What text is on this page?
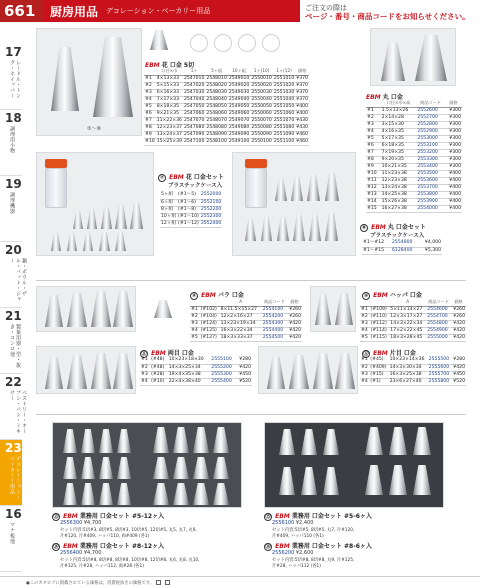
661	厨房用品 デコレーション・ベーカリー用品	ご注文の際は
ページ・番号・商品コードをお知らせください。
17
レードル・トング・ホイッパー
18
調理用小物
19
調理機器
20
鍋・ボウル・ザル・バット・ジャー
21
製菓用器・型・抜き・コンロ他
22
ペストリー・オーブン・パン・ミキサー
23
デコレーション・ベーカリー用品
16
マナ板他
①〜⑨
EBM 花 口金 5切
	口径×巾	1ヶ	5ヶ組	10ヶ組	1ヶ(10)	1ヶ(12)	価格
#1	4×13×33	2547010	2548010	2549010	2550010	2551010	¥370
#2	5×15×33	2547020	2548020	2549020	2550020	2551020	¥370
#3	6×16×33	2547030	2548030	2549030	2550030	2551030	¥370
#4	7×17×33	2547040	2548040	2549040	2550040	2551040	¥370
#5	8×18×35	2547050	2548050	2549050	2550050	2551050	¥400
#6	9×21×35	2547060	2548060	2549060	2550060	2551060	¥400
#7	11×22×36	2547070	2548070	2549070	2550070	2551070	¥430
#8	12×23×37	2547080	2548080	2549080	2550080	2551080	¥430
#9	13×24×37	2547090	2548090	2549090	2550090	2551090	¥460
#10	15×25×39	2547100	2548100	2549100	2550100	2551100	¥460
EBM 丸 口金
	口径×巾×高	商品コード	価格
#1	1.5×13×26	2552600	¥300
#2	2×14×28	2552700	¥300
#3	3×15×30	2552800	¥300
#4	4×16×35	2552900	¥300
#5	5×17×35	2553000	¥300
#6	6×18×35	2553100	¥300
#7	7×19×35	2553200	¥300
#8	9×20×35	2553300	¥300
#9	10×21×35	2553400	¥300
#10	11×23×38	2553500	¥400
#11	12×23×38	2553600	¥400
#12	13×24×38	2553700	¥400
#13	14×25×38	2553800	¥400
#14	15×26×38	2553900	¥400
#15	16×27×38	2554000	¥400
⑦ EBM 花 口金セット
プラスチックケース入
5ヶ組	(#1〜5)	2552000
6ヶ組	(#1〜6)	2552100
8ヶ組	(#1〜8)	2552200
10ヶ組	(#1〜10)	2552300
12ヶ組	(#1〜12)	2552400
⑧ EBM 丸 口金セット
プラスチックケース入
#1〜#12	2554800	¥4,000
#1〜#15	6128400	¥5,300
⑨ EBM バラ 口金
		A	商品コード	価格
#1	(#102)	8×11.5×15×27	2554100	¥260
#2	(#104)	12×2×16×27	2554200	¥260
#3	(#124)	13×23×19×34	2554300	¥420
#4	(#125)	16×3×22×34	2554400	¥420
#5	(#127)	18×3×33×37	2554500	¥420
⑩ EBM ハッパ 口金
		A	商品コード	価格
#1	(#109)	5×11×14×27	2554600	¥260
#2	(#110)	12×3×17×27	2554700	¥260
#3	(#112)	14×3×22×34	2554800	¥420
#4	(#114)	17×2×22×45	2554900	¥420
#5	(#115)	18×3×28×45	2555000	¥420
⑪ EBM 両目 口金
#1	(#48)	10×23×18×30	2555100	¥280
#2	(#48)	14×3×25×34	2555200	¥420
#3	(#28)	19×4×35×38	2555300	¥450
#4	(#10)	22×4×38×40	2555400	¥520
⑫ EBM 片目 口金
#1	(#45)	10×23×14×36	2555500	¥280
#2	(#409)	14×3×30×34	2555600	¥420
#3	(#15)	16×3×25×38	2555700	¥450
#4	(#1)	23×6×27×40	2555800	¥520
⑬ EBM 業務用 口金セット #5-12ヶ入
2556300 ¥4,700
セット内容:5切#3, 8切#5, 8切#3, 10切#5, 12切#5, 丸5, 丸7, 丸9,
片#120, 片#409, ハッパ110, 両#409 (各1)
⑭ EBM 業務用 口金セット #8-12ヶ入
2556400 ¥4,700
セット内容:5切#8, 8切#8, 8切#8, 10切#8, 12切#8, 丸6, 丸8, 丸10,
片#125, 片#28, ハッパ112, 両#28 (各1)
⑮ EBM 業務用 口金セット #5-6ヶ入
2556100 ¥2,400
セット内容:5切#5, 8切#5, 丸7, 片#120,
片#409, ハッパ110 (各1)
⑯ EBM 業務用 口金セット #8-6ヶ入
2556200 ¥2,600
セット内容:5切#8, 8切#8, 丸9, 片#125,
片#28, ハッパ112 (各1)
●このカタログに掲載されている価格は、消費税抜きの価格です。
